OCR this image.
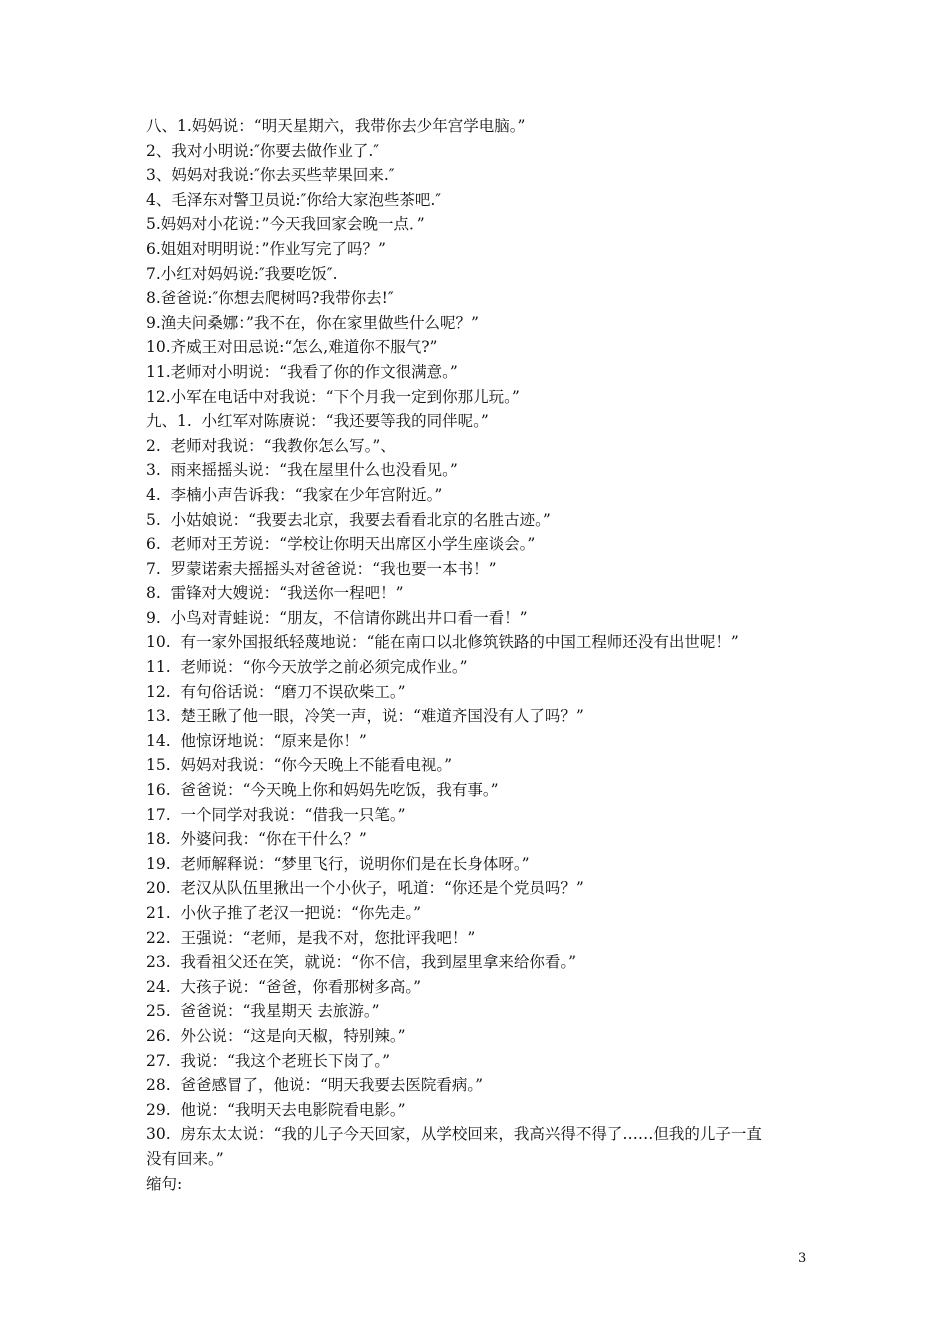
八、1.妈妈说：“明天星期六，我带你去少年宫学电脑。”
2、我对小明说:″你要去做作业了.″
3、妈妈对我说:″你去买些苹果回来.″
4、毛泽东对警卫员说:″你给大家泡些茶吧.″
5.妈妈对小花说：”今天我回家会晚一点．”
6.姐姐对明明说：”作业写完了吗？”
7.小红对妈妈说:″我要吃饭″.
8.爸爸说:″你想去爬树吗?我带你去!″
9.渔夫问桑娜：”我不在，你在家里做些什么呢？”
10.齐威王对田忌说:“怎么,难道你不服气?”
11.老师对小明说：“我看了你的作文很满意。”
12.小军在电话中对我说：“下个月我一定到你那儿玩。”
九、1.  小红军对陈赓说：“我还要等我的同伴呢。”
2.  老师对我说：“我教你怎么写。”、
3.  雨来摇摇头说：“我在屋里什么也没看见。”
4.  李楠小声告诉我：“我家在少年宫附近。”
5.  小姑娘说：“我要去北京，我要去看看北京的名胜古迹。”
6.  老师对王芳说：“学校让你明天出席区小学生座谈会。”
7.  罗蒙诺索夫摇摇头对爸爸说：“我也要一本书！”
8.  雷锋对大嫂说：“我送你一程吧！”
9.  小鸟对青蛙说：“朋友，不信请你跳出井口看一看！”
10.  有一家外国报纸轻蔑地说：“能在南口以北修筑铁路的中国工程师还没有出世呢！”
11.  老师说：“你今天放学之前必须完成作业。”
12.  有句俗话说：“磨刀不误砍柴工。”
13.  楚王瞅了他一眼，冷笑一声，说：“难道齐国没有人了吗？”
14.  他惊讶地说：“原来是你！”
15.  妈妈对我说：“你今天晚上不能看电视。”
16.  爸爸说：“今天晚上你和妈妈先吃饭，我有事。”
17.  一个同学对我说：“借我一只笔。”
18.  外婆问我：“你在干什么？”
19.  老师解释说：“梦里飞行，说明你们是在长身体呀。”
20.  老汉从队伍里揪出一个小伙子，吼道：“你还是个党员吗？”
21.  小伙子推了老汉一把说：“你先走。”
22.  王强说：“老师，是我不对，您批评我吧！”
23.  我看祖父还在笑，就说：“你不信，我到屋里拿来给你看。”
24.  大孩子说：“爸爸，你看那树多高。”
25.  爸爸说：“我星期天 去旅游。”
26.  外公说：“这是向天椒，特别辣。”
27.  我说：“我这个老班长下岗了。”
28.  爸爸感冒了，他说：“明天我要去医院看病。”
29.  他说：“我明天去电影院看电影。”
30.  房东太太说：“我的儿子今天回家，从学校回来，我高兴得不得了……但我的儿子一直
没有回来。”
缩句:
3
